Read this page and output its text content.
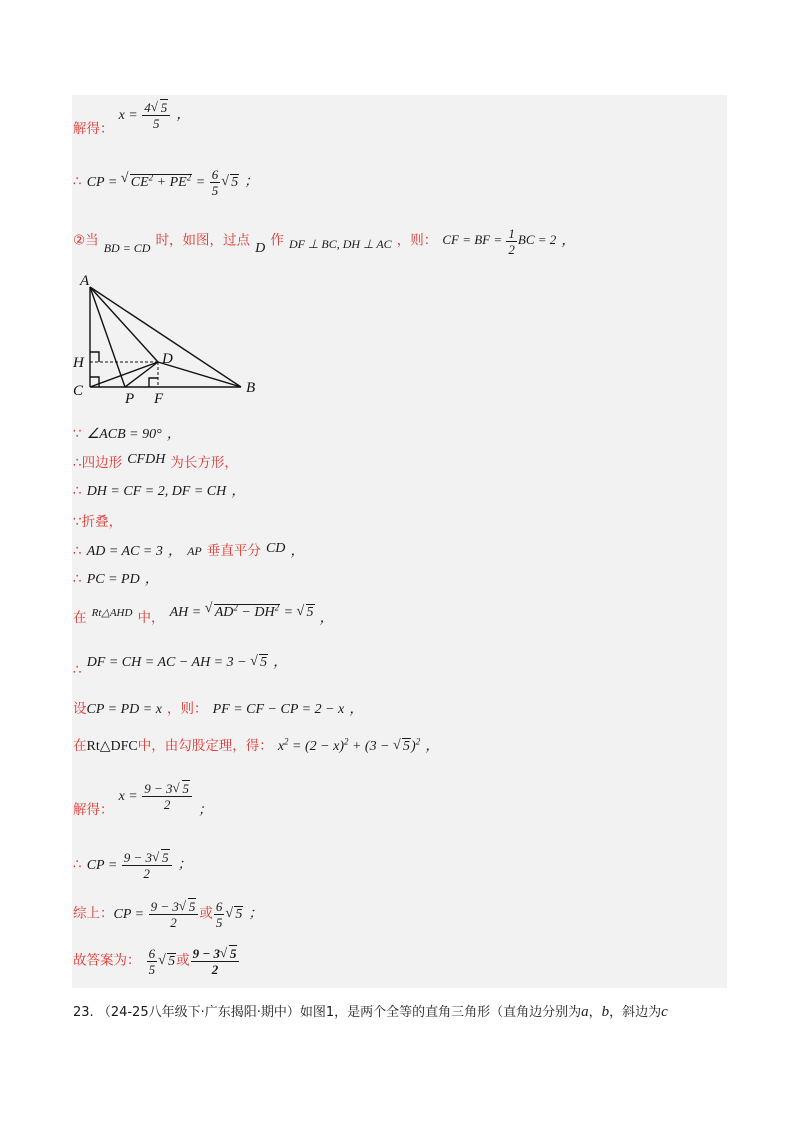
$_{解得:}$ $x = \frac{4 √ 5}{5}$ ，
∴ CP = √ $CE^2 + PE^2 = \frac{6}{5}$ √ 5 ；
②当 $_{BD = CD}$ 时，如图，过点 D 作 $_{DF \perp BC, DH \perp AC}$ ，则： CF = BF = $\frac{1}{2}$ BC = 2 ，
A
H
C	P F
D
B
∵ ∠ACB = 90° ，
∴四边形 CFDH 为长方形，
∴ DH = CF = 2, DF = CH ，
∵折叠，
∴ AD = AC = 3 ， AP 垂直平分 CD ，
∴ PC = PD ，
$_在$ Rt△AHD $_{中,}$ AH = √ $AD^2 - DH^2$ = √ 5 ，
$_\therefore$ DF = CH = AC − AH = 3 − √ 5 ，
设CP = PD = x ，则： PF = CF − CP = 2 − x ，
在Rt△DFC中，由勾股定理，得： $x^2 = (2 - x)^2 + (3$ − √ 5)$^2$ ，
$_{解得:}$ $x = \frac{9 - 3 √ 5}{2}$ ；
∴ CP = $\frac{9 - 3 √ 5}{2}$ ；
综上：CP = $\frac{9 - 3 √ 5}{2}$ 或 $\frac{6}{5}$ √ 5 ；
故答案为： $\frac{6}{5}$ √ 5或 $\frac{9 - 3 √ 5}{2}$
23. （24-25八年级下·广东揭阳·期中）如图1，是两个全等的直角三角形（直角边分别为a，b，斜边为c
